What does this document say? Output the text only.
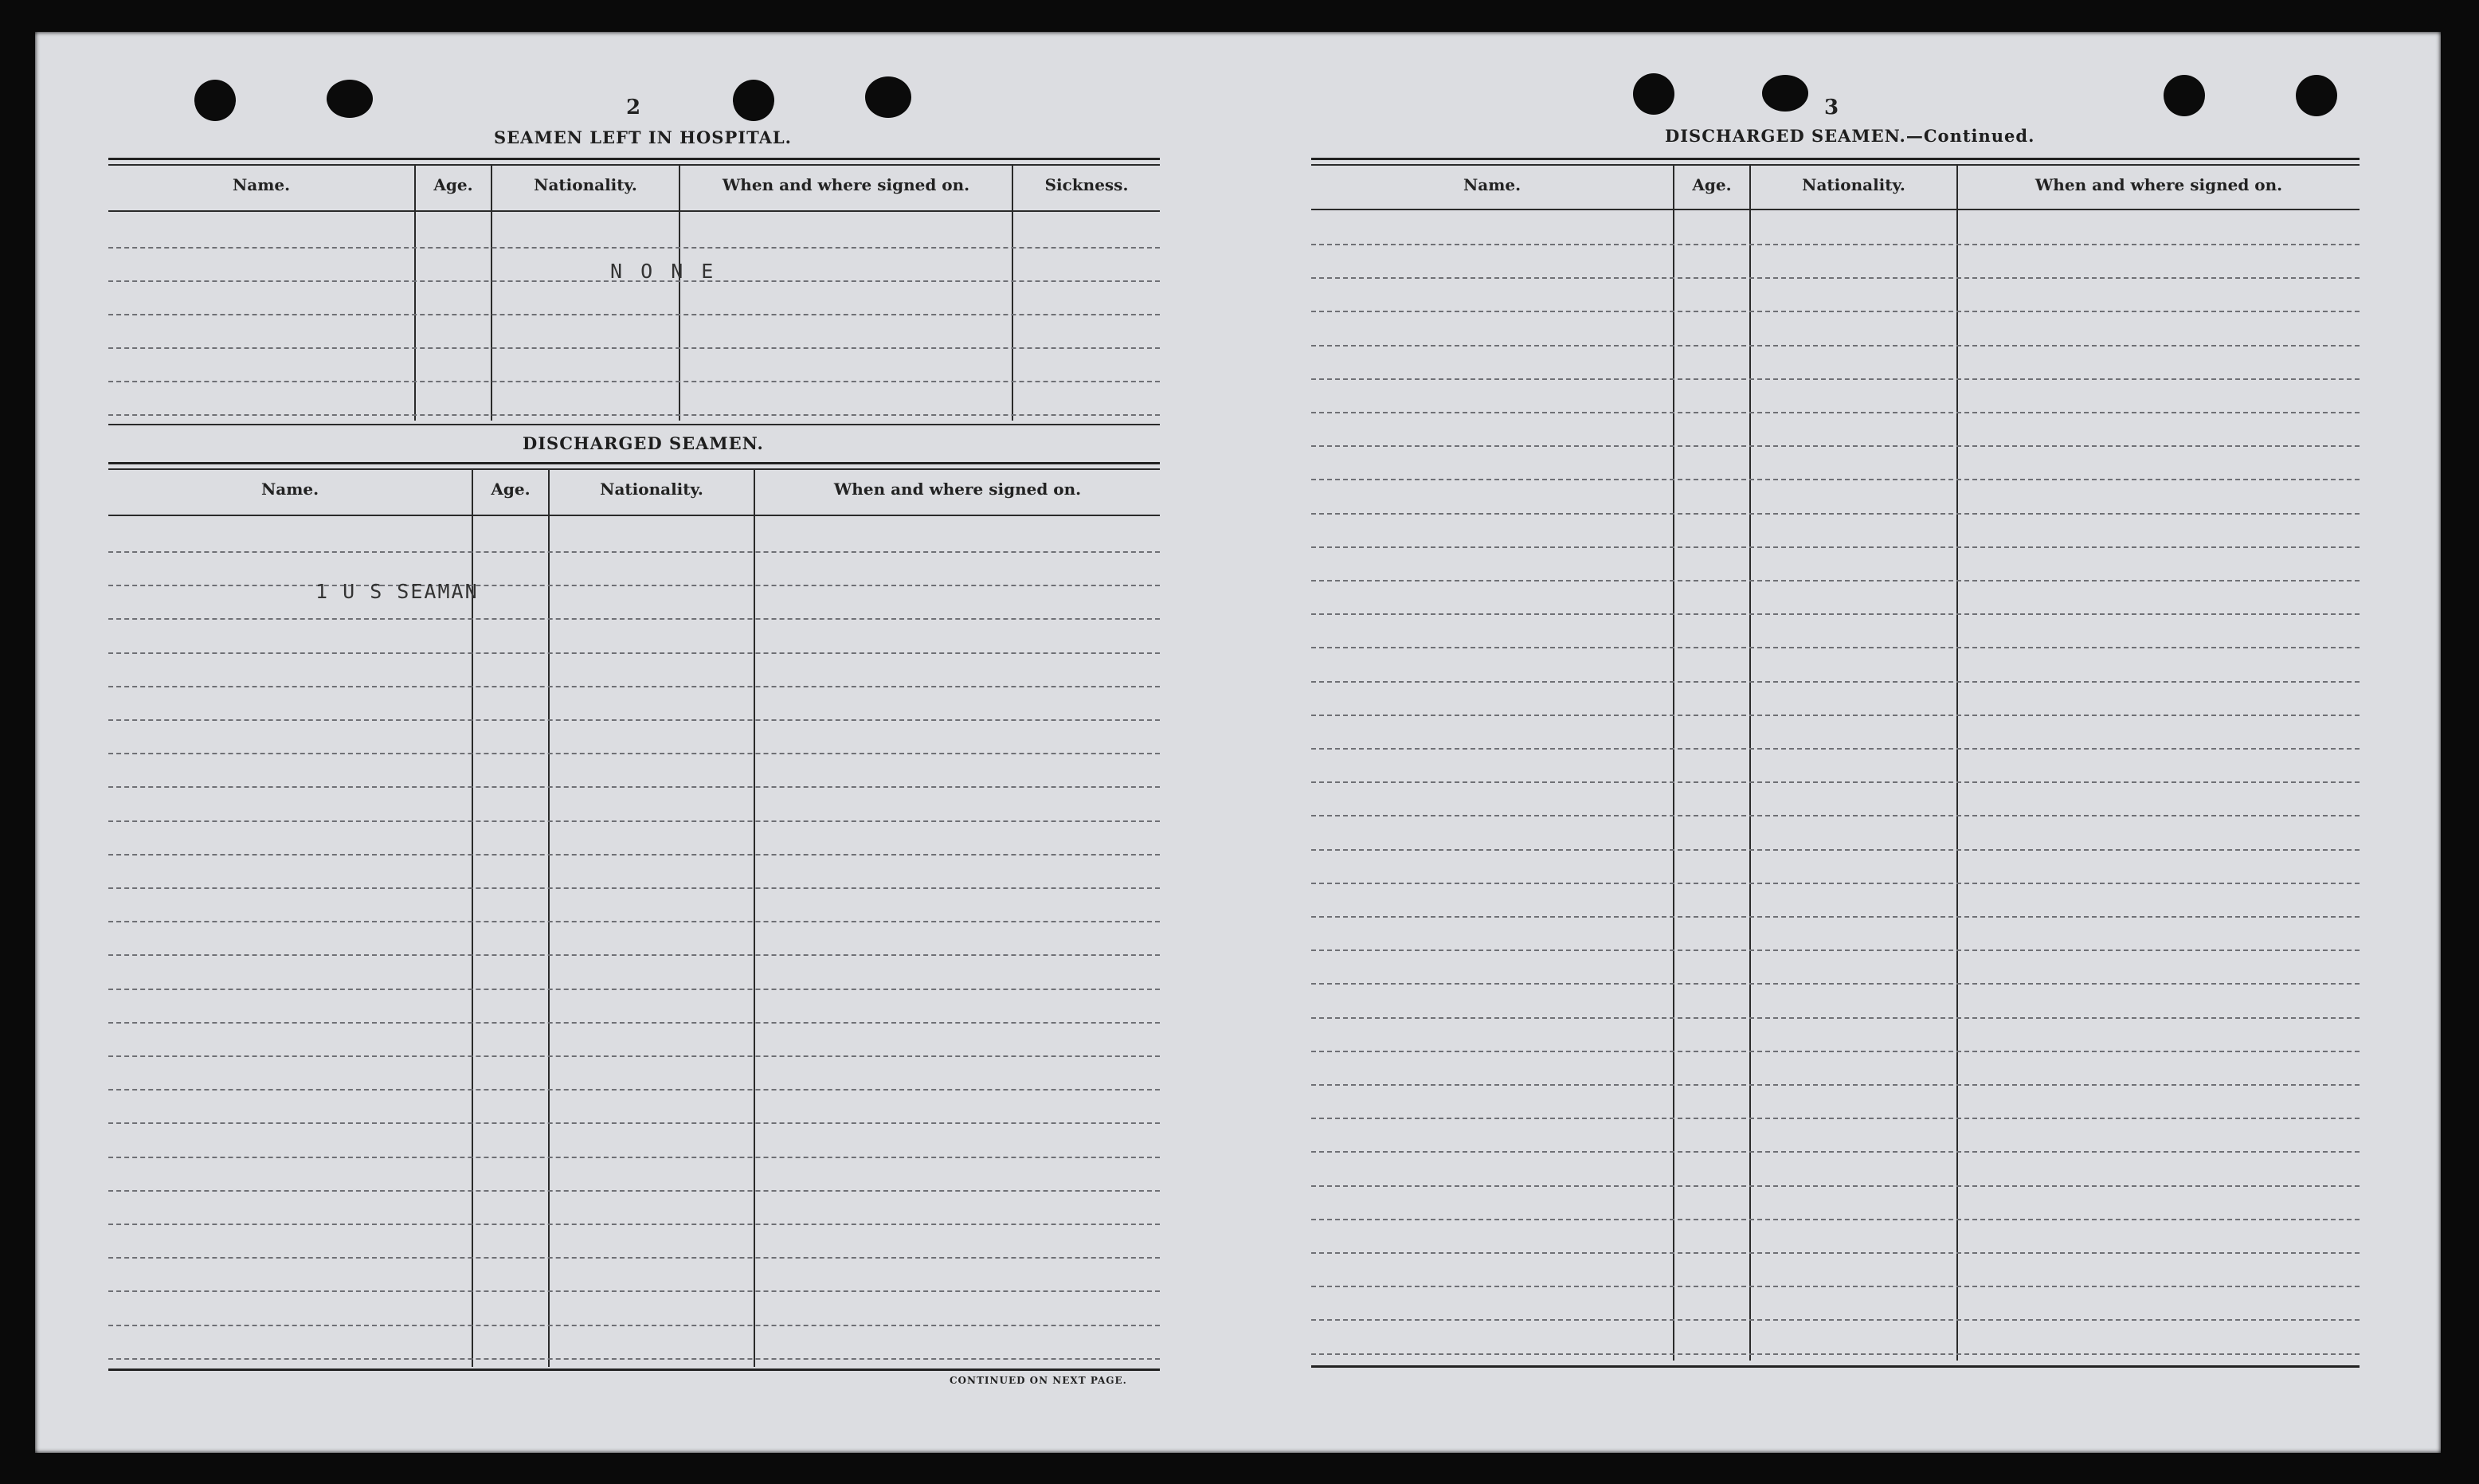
2
SEAMEN LEFT IN HOSPITAL.
Name.	Age.	Nationality.	When and where signed on.	Sickness.
N O N E
DISCHARGED SEAMEN.
Name.	Age.	Nationality.	When and where signed on.
1 U S SEAMAN
CONTINUED ON NEXT PAGE.
3
DISCHARGED SEAMEN.—Continued.
Name.	Age.	Nationality.	When and where signed on.
